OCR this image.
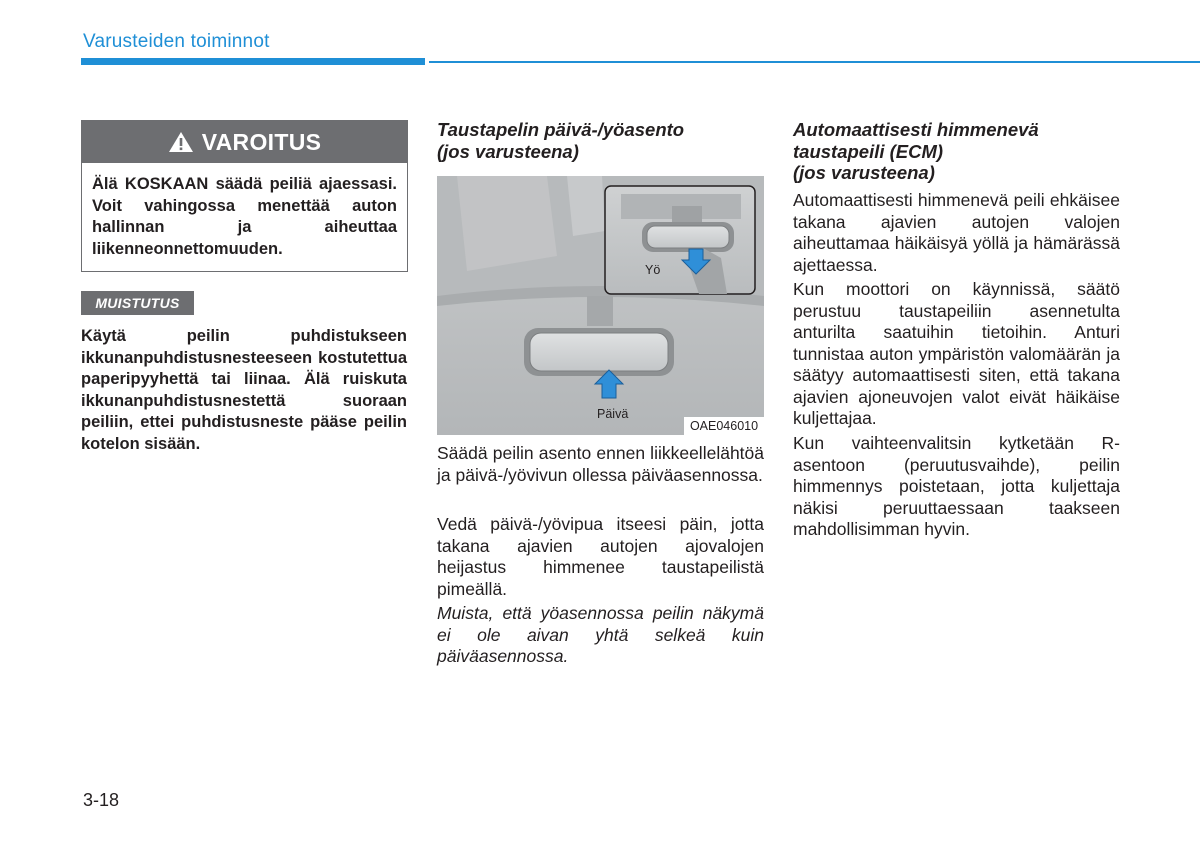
Varusteiden toiminnot
VAROITUS
Älä KOSKAAN säädä peiliä ajaessasi. Voit vahingossa menettää auton hallinnan ja aiheuttaa liikenneonnettomuuden.
MUISTUTUS
Käytä peilin puhdistukseen ikkunanpuhdistusnesteeseen kostutettua paperipyyhettä tai liinaa. Älä ruiskuta ikkunanpuhdistusnestettä suoraan peiliin, ettei puhdistusneste pääse peilin kotelon sisään.
Taustapelin päivä-/yöasento
(jos varusteena)
Yö
Päivä
OAE046010
Säädä peilin asento ennen liikkeellelähtöä ja päivä-/yövivun ollessa päiväasennossa.
Vedä päivä-/yövipua itseesi päin, jotta takana ajavien autojen ajovalojen heijastus himmenee taustapeilistä pimeällä.
Muista, että yöasennossa peilin näkymä ei ole aivan yhtä selkeä kuin päiväasennossa.
Automaattisesti himmenevä
taustapeili (ECM)
(jos varusteena)
Automaattisesti himmenevä peili ehkäisee takana ajavien autojen valojen aiheuttamaa häikäisyä yöllä ja hämärässä ajettaessa.
Kun moottori on käynnissä, säätö perustuu taustapeiliin asennetulta anturilta saatuihin tietoihin. Anturi tunnistaa auton ympäristön valomäärän ja säätyy automaattisesti siten, että takana ajavien ajoneuvojen valot eivät häikäise kuljettajaa.
Kun vaihteenvalitsin kytketään R-asentoon (peruutusvaihde), peilin himmennys poistetaan, jotta kuljettaja näkisi peruuttaessaan taakseen mahdollisimman hyvin.
3-18
